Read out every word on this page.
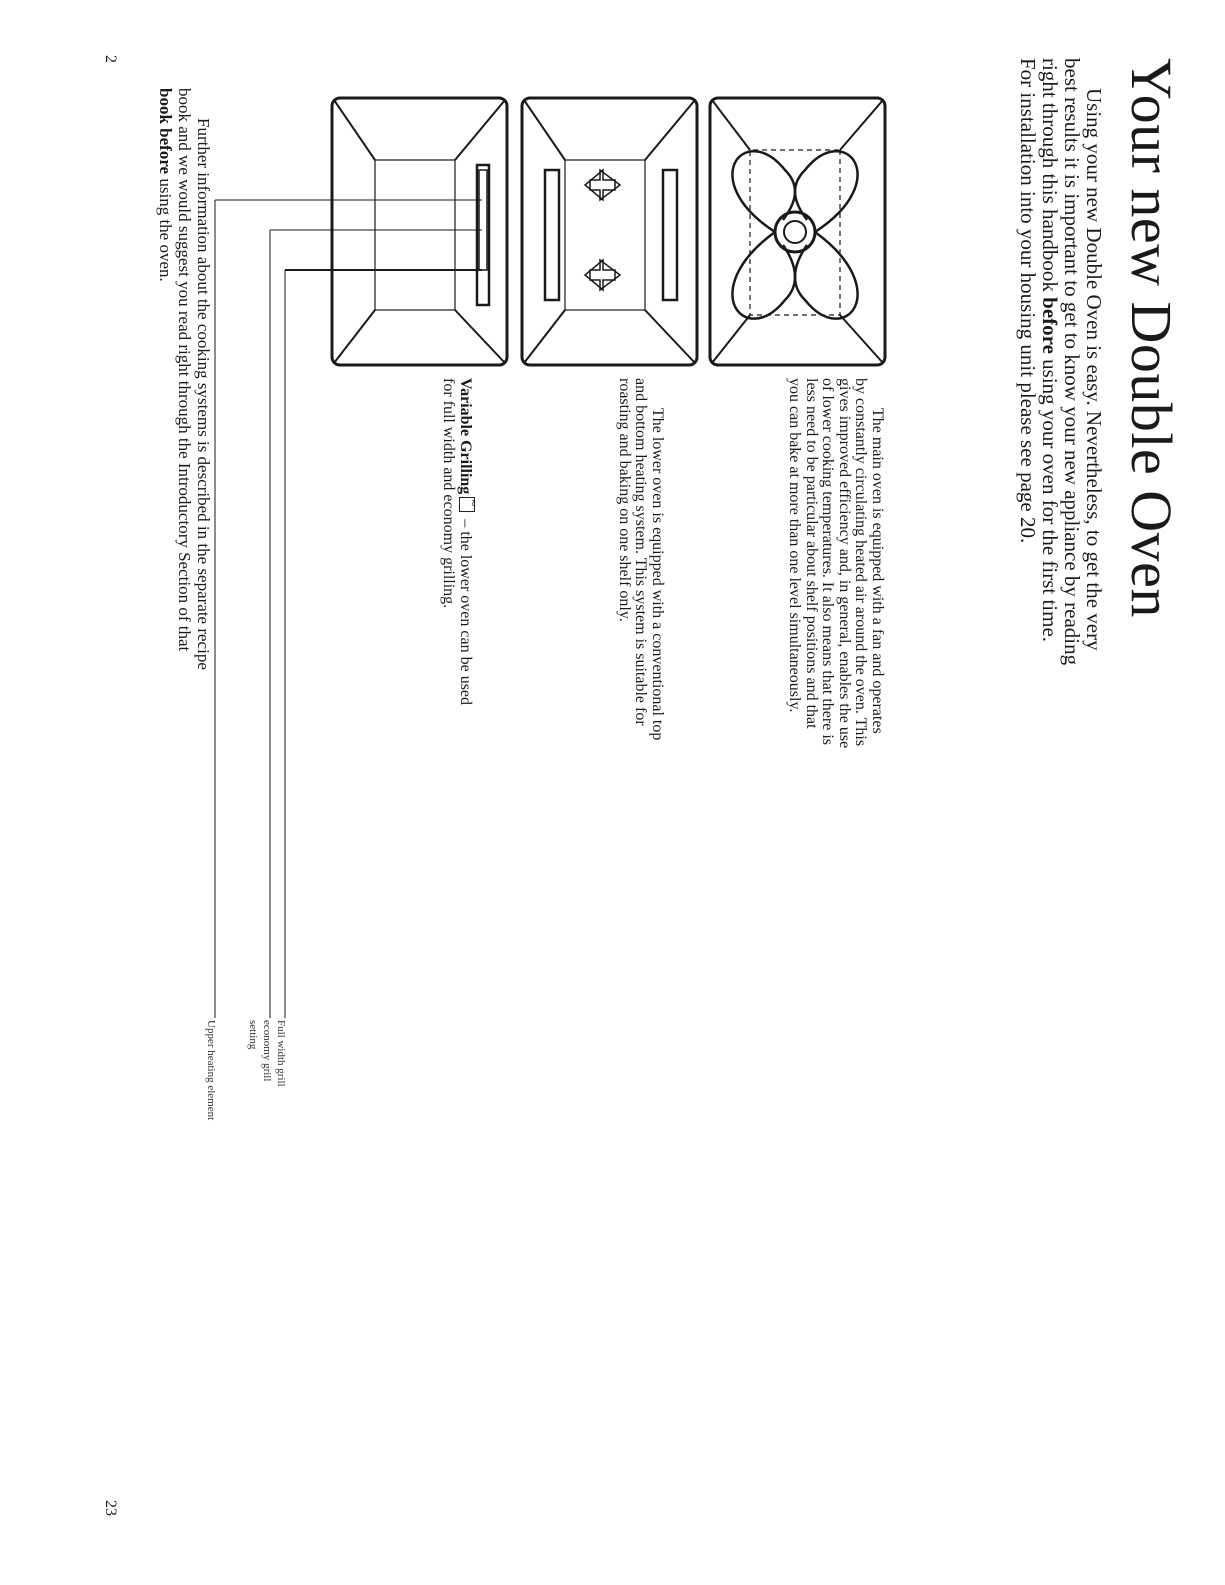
Your new Double Oven

Using your new Double Oven is easy. Nevertheless, to get the very

best results it is important to get to know your new appliance by reading

right through this handbook before using your oven for the first time.

For installation into your housing unit please see page 20.

The main oven is equipped with a fan and operates by constantly circulating heated air around the oven. This gives improved efficiency and, in general, enables the use of lower cooking temperatures. It also means that there is less need to be particular about shelf positions and that you can bake at more than one level simultaneously.

The lower oven is equipped with a conventional top and bottom heating system. This system is suitable for roasting and baking on one shelf only.

Variable Grilling~ – the lower oven can be used for full width and economy grilling.

Full width grill

economy grill

setting

Upper heating element

Further information about the cooking systems is described in the separate recipe

book and we would suggest you read right through the Introductory Section of that

book before using the oven.

2

23
